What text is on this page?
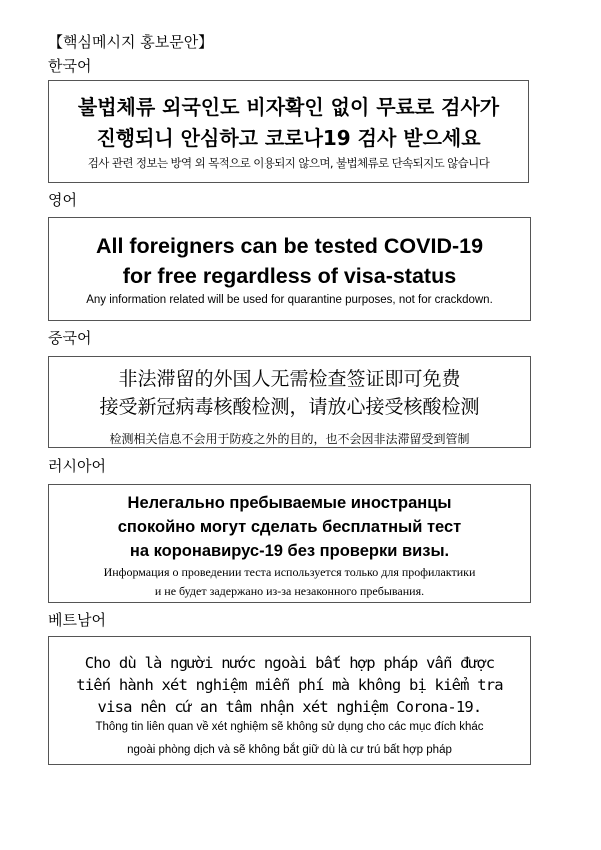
【핵심메시지 홍보문안】
한국어
불법체류 외국인도 비자확인 없이 무료로 검사가
진행되니 안심하고 코로나19 검사 받으세요
검사 관련 정보는 방역 외 목적으로 이용되지 않으며, 불법체류로 단속되지도 않습니다
영어
All foreigners can be tested COVID-19
for free regardless of visa-status
Any information related will be used for quarantine purposes, not for crackdown.
중국어
非法滞留的外国人无需检查签证即可免费
接受新冠病毒核酸检测，请放心接受核酸检测
检测相关信息不会用于防疫之外的目的，也不会因非法滞留受到管制
러시아어
Нелегально пребываемые иностранцы
спокойно могут сделать бесплатный тест
на коронавирус-19 без проверки визы.
Информация о проведении теста используется только для профилактики
и не будет задержано из-за незаконного пребывания.
베트남어
Cho dù là người nước ngoài bất hợp pháp vẫn được
tiến hành xét nghiệm miễn phí mà không bị kiểm tra
visa nên cứ an tâm nhận xét nghiệm Corona-19.
Thông tin liên quan về xét nghiệm sẽ không sử dụng cho các mục đích khác
ngoài phòng dịch và sẽ không bắt giữ dù là cư trú bất hợp pháp
